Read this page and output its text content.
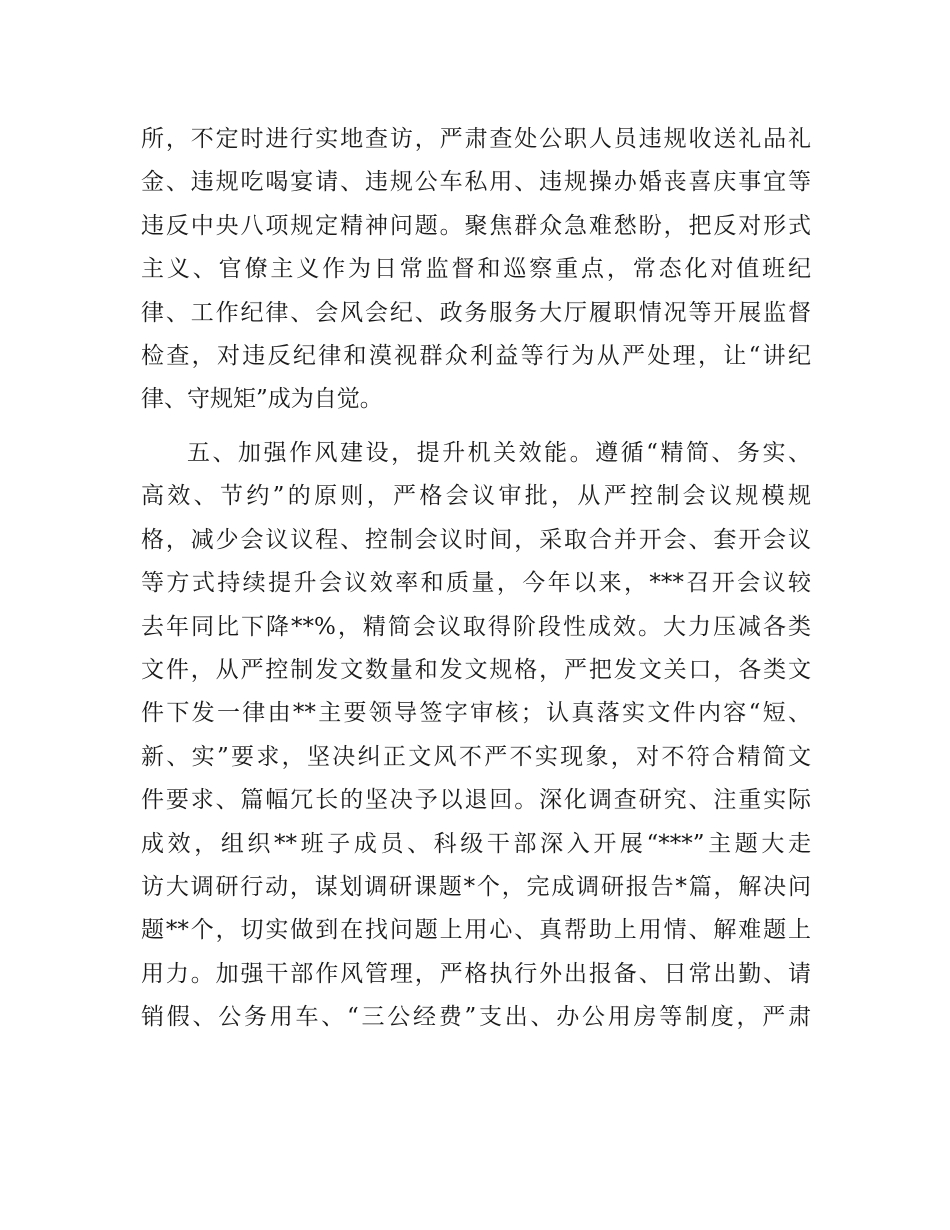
所，不定时进行实地查访，严肃查处公职人员违规收送礼品礼
金、违规吃喝宴请、违规公车私用、违规操办婚丧喜庆事宜等
违反中央八项规定精神问题。聚焦群众急难愁盼，把反对形式
主义、官僚主义作为日常监督和巡察重点，常态化对值班纪
律、工作纪律、会风会纪、政务服务大厅履职情况等开展监督
检查，对违反纪律和漠视群众利益等行为从严处理，让“讲纪
律、守规矩”成为自觉。
五、加强作风建设，提升机关效能。遵循“精简、务实、
高效、节约”的原则，严格会议审批，从严控制会议规模规
格，减少会议议程、控制会议时间，采取合并开会、套开会议
等方式持续提升会议效率和质量，今年以来，***召开会议较
去年同比下降**%，精简会议取得阶段性成效。大力压减各类
文件，从严控制发文数量和发文规格，严把发文关口，各类文
件下发一律由**主要领导签字审核；认真落实文件内容“短、
新、实”要求，坚决纠正文风不严不实现象，对不符合精简文
件要求、篇幅冗长的坚决予以退回。深化调查研究、注重实际
成效，组织**班子成员、科级干部深入开展“***”主题大走
访大调研行动，谋划调研课题*个，完成调研报告*篇，解决问
题**个，切实做到在找问题上用心、真帮助上用情、解难题上
用力。加强干部作风管理，严格执行外出报备、日常出勤、请
销假、公务用车、“三公经费”支出、办公用房等制度，严肃
